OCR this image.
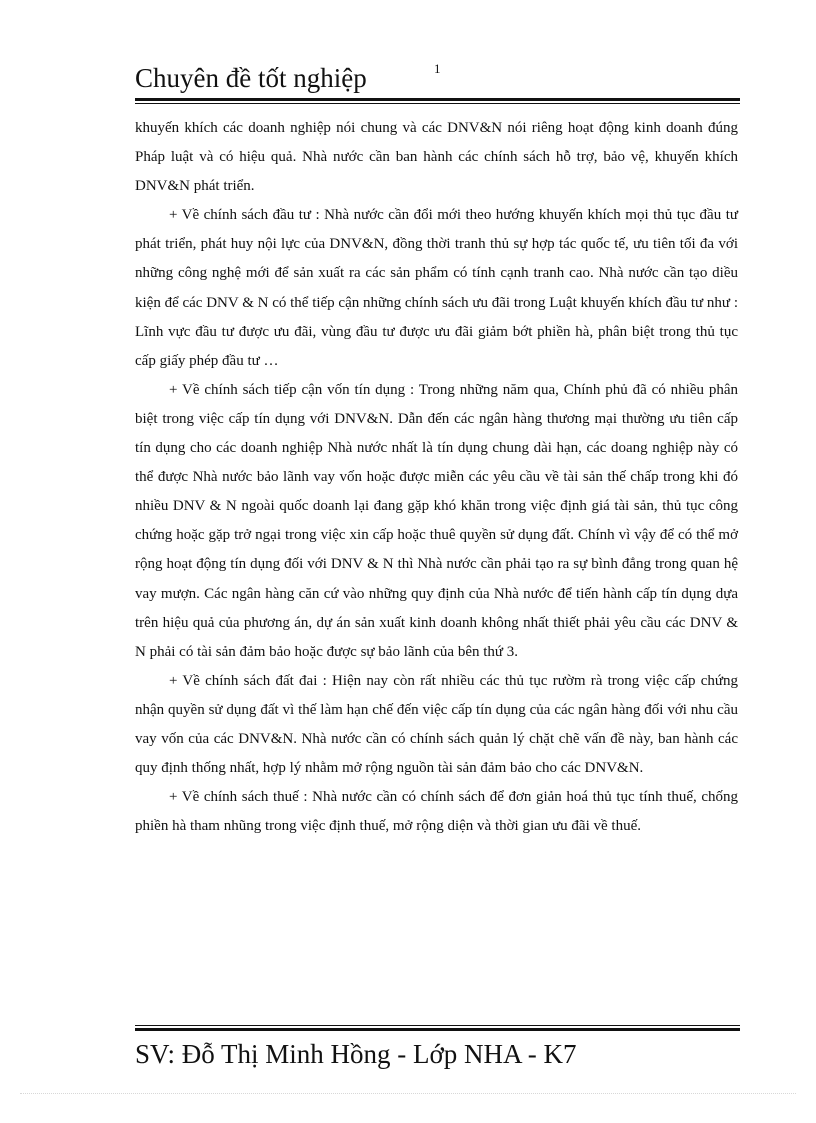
Chuyên đề tốt nghiệp	1

khuyến khích các doanh nghiệp nói chung và các DNV&N nói riêng hoạt động kinh doanh đúng Pháp luật và có hiệu quả. Nhà nước cần ban hành các chính sách hỗ trợ, bảo vệ, khuyến khích DNV&N phát triển.

+ Về chính sách đầu tư : Nhà nước cần đổi mới theo hướng khuyến khích mọi thủ tục đầu tư phát triển, phát huy nội lực của DNV&N, đồng thời tranh thủ sự hợp tác quốc tế, ưu tiên tối đa với những công nghệ mới để sản xuất ra các sản phẩm có tính cạnh tranh cao. Nhà nước cần tạo diều kiện để các DNV & N có thể tiếp cận những chính sách ưu đãi trong Luật khuyến khích đầu tư như : Lĩnh vực đầu tư được ưu đãi, vùng đầu tư được ưu đãi giảm bớt phiền hà, phân biệt trong thủ tục cấp giấy phép đầu tư …

+ Về chính sách tiếp cận vốn tín dụng : Trong những năm qua, Chính phủ đã có nhiều phân biệt trong việc cấp tín dụng với DNV&N. Dẫn đến các ngân hàng thương mại thường ưu tiên cấp tín dụng cho các doanh nghiệp Nhà nước nhất là tín dụng chung dài hạn, các doang nghiệp này có thể được Nhà nước bảo lãnh vay vốn hoặc được miễn các yêu cầu về tài sản thế chấp trong khi đó nhiều DNV & N ngoài quốc doanh lại đang gặp khó khăn trong việc định giá tài sản, thủ tục công chứng hoặc gặp trở ngại trong việc xin cấp hoặc thuê quyền sử dụng đất. Chính vì vậy để có thể mở rộng hoạt động tín dụng đối với DNV & N thì Nhà nước cần phải tạo ra sự bình đẳng trong quan hệ vay mượn. Các ngân hàng căn cứ vào những quy định của Nhà nước để tiến hành cấp tín dụng dựa trên hiệu quả của phương án, dự án sản xuất kinh doanh không nhất thiết phải yêu cầu các DNV & N phải có tài sản đảm bảo hoặc được sự bảo lãnh của bên thứ 3.

+ Về chính sách đất đai : Hiện nay còn rất nhiều các thủ tục rườm rà trong việc cấp chứng nhận quyền sử dụng đất vì thế làm hạn chế đến việc cấp tín dụng của các ngân hàng đối với nhu cầu vay vốn của các DNV&N. Nhà nước cần có chính sách quản lý chặt chẽ vấn đề này, ban hành các quy định thống nhất, hợp lý nhằm mở rộng nguồn tài sản đảm bảo cho các DNV&N.

+ Về chính sách thuế : Nhà nước cần có chính sách để đơn giản hoá thủ tục tính thuế, chống phiền hà tham nhũng trong việc định thuế, mở rộng diện và thời gian ưu đãi về thuế.

SV: Đỗ Thị Minh Hồng - Lớp NHA - K7
